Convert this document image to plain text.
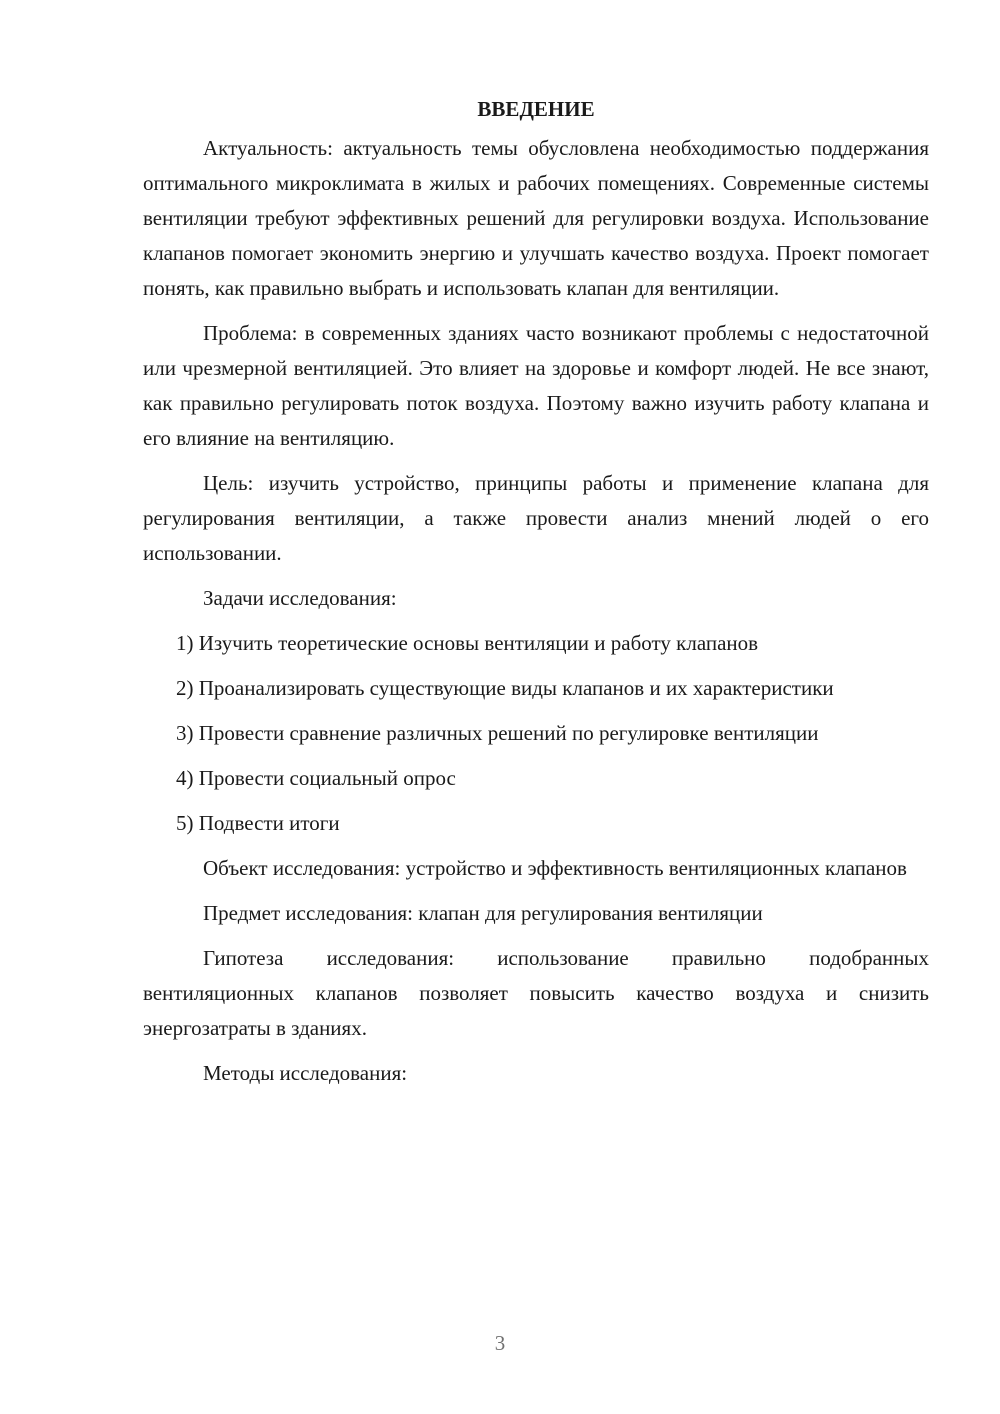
ВВЕДЕНИЕ

Актуальность: актуальность темы обусловлена необходимостью поддержания оптимального микроклимата в жилых и рабочих помещениях. Современные системы вентиляции требуют эффективных решений для регулировки воздуха. Использование клапанов помогает экономить энергию и улучшать качество воздуха. Проект помогает понять, как правильно выбрать и использовать клапан для вентиляции.

Проблема: в современных зданиях часто возникают проблемы с недостаточной или чрезмерной вентиляцией. Это влияет на здоровье и комфорт людей. Не все знают, как правильно регулировать поток воздуха. Поэтому важно изучить работу клапана и его влияние на вентиляцию.

Цель: изучить устройство, принципы работы и применение клапана для регулирования вентиляции, а также провести анализ мнений людей о его использовании.

Задачи исследования:

1) Изучить теоретические основы вентиляции и работу клапанов

2) Проанализировать существующие виды клапанов и их характеристики

3) Провести сравнение различных решений по регулировке вентиляции

4) Провести социальный опрос

5) Подвести итоги

Объект исследования: устройство и эффективность вентиляционных клапанов

Предмет исследования: клапан для регулирования вентиляции

Гипотеза исследования: использование правильно подобранных вентиляционных клапанов позволяет повысить качество воздуха и снизить энергозатраты в зданиях.

Методы исследования:

3
